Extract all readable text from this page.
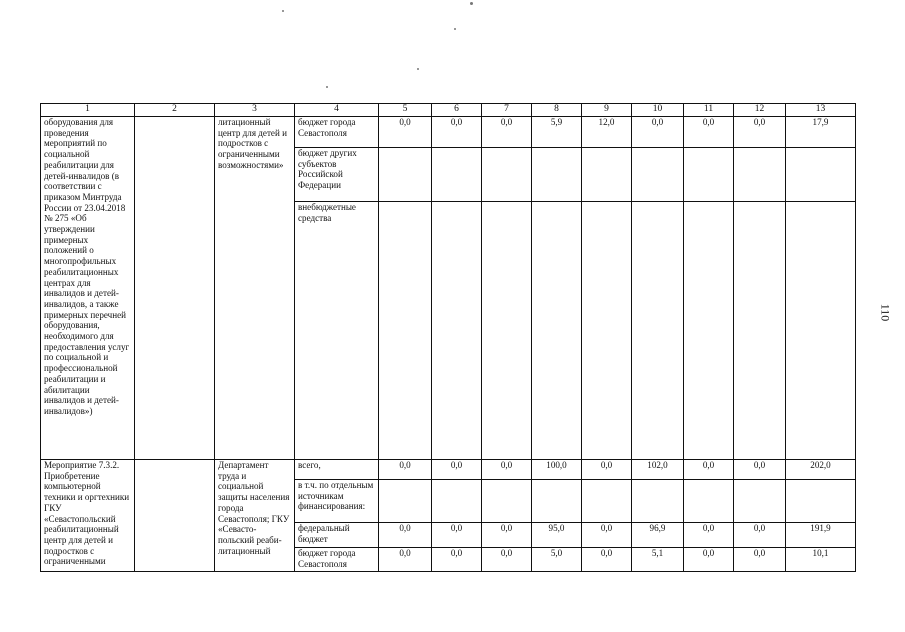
1	2	3	4	5	6	7	8	9	10	11	12	13
оборудования для проведения мероприятий по социальной реабилитации для детей-инвалидов (в соответствии с приказом Минтруда России от 23.04.2018 № 275 «Об утверждении примерных положений о многопрофильных реабилитационных центрах для инвалидов и детей-инвалидов, а также примерных перечней оборудования, необходимого для предоставления услуг по социальной и профессиональной реабилитации и абилитации инвалидов и детей-инвалидов»)		литационный центр для детей и подростков с ограниченными возможностями»	бюджет города Севастополя	0,0	0,0	0,0	5,9	12,0	0,0	0,0	0,0	17,9
			бюджет других субъектов Российской Федерации									
			внебюджетные средства									
Мероприятие 7.3.2. Приобретение компьютерной техники и оргтехники ГКУ «Севастопольский реабилитационный центр для детей и подростков с ограниченными		Департамент труда и социальной защиты населения города Севастополя; ГКУ «Севасто-польский реаби-литационный	всего,	0,0	0,0	0,0	100,0	0,0	102,0	0,0	0,0	202,0
			в т.ч. по отдельным источникам финансирования:									
			федеральный бюджет	0,0	0,0	0,0	95,0	0,0	96,9	0,0	0,0	191,9
			бюджет города Севастополя	0,0	0,0	0,0	5,0	0,0	5,1	0,0	0,0	10,1
110
